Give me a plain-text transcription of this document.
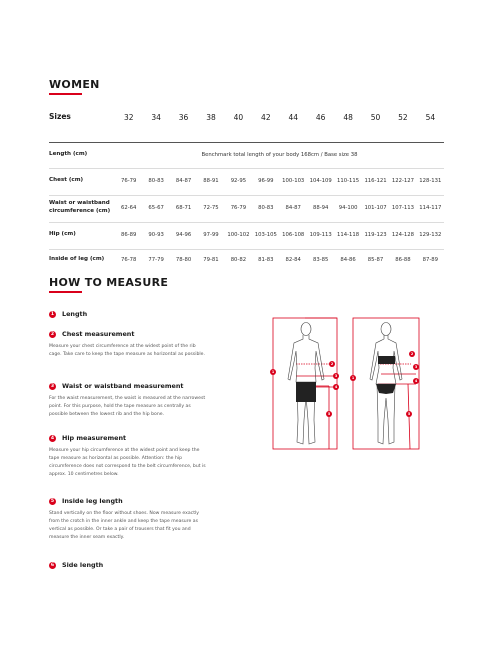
WOMEN
Sizes	32	34	36	38	40	42	44	46	48	50	52	54
Length (cm)	Benchmark total length of your body 168cm / Base size 38
Chest (cm)	76-79	80-83	84-87	88-91	92-95	96-99	100-103 104-109 110-115 116-121 122-127 128-131
Waist or waistband circumference (cm)	62-64	65-67	68-71	72-75	76-79	80-83	84-87	88-94	94-100	101-107 107-113 114-117
Hip (cm)	86-89	90-93	94-96	97-99	100-102 103-105 106-108 109-113 114-118 119-123 124-128 129-132
Inside of leg (cm)	76-78	77-79	78-80	79-81	80-82	81-83	82-84	83-85	84-86	85-87	86-88	87-89
HOW TO MEASURE
1 Length
2 Chest measurement
Measure your chest circumference at the widest point of the rib cage. Take care to keep the tape measure as horizontal as possible.
3 Waist or waistband measurement
For the waist measurement, the waist is measured at the narrowest point. For this purpose, hold the tape measure as centrally as possible between the lowest rib and the hip bone.
4 Hip measurement
Measure your hip circumference at the widest point and keep the tape measure as horizontal as possible. Attention: the hip circumference does not correspond to the belt circumference, but is approx. 10 centimetres below.
5 Inside leg length
Stand vertically on the floor without shoes. Now measure exactly from the crotch in the inner ankle and keep the tape measure as vertical as possible. Or take a pair of trousers that fit you and measure the inner seam exactly.
6 Side length
1
2
3
4
5
1
2
3
4
5
